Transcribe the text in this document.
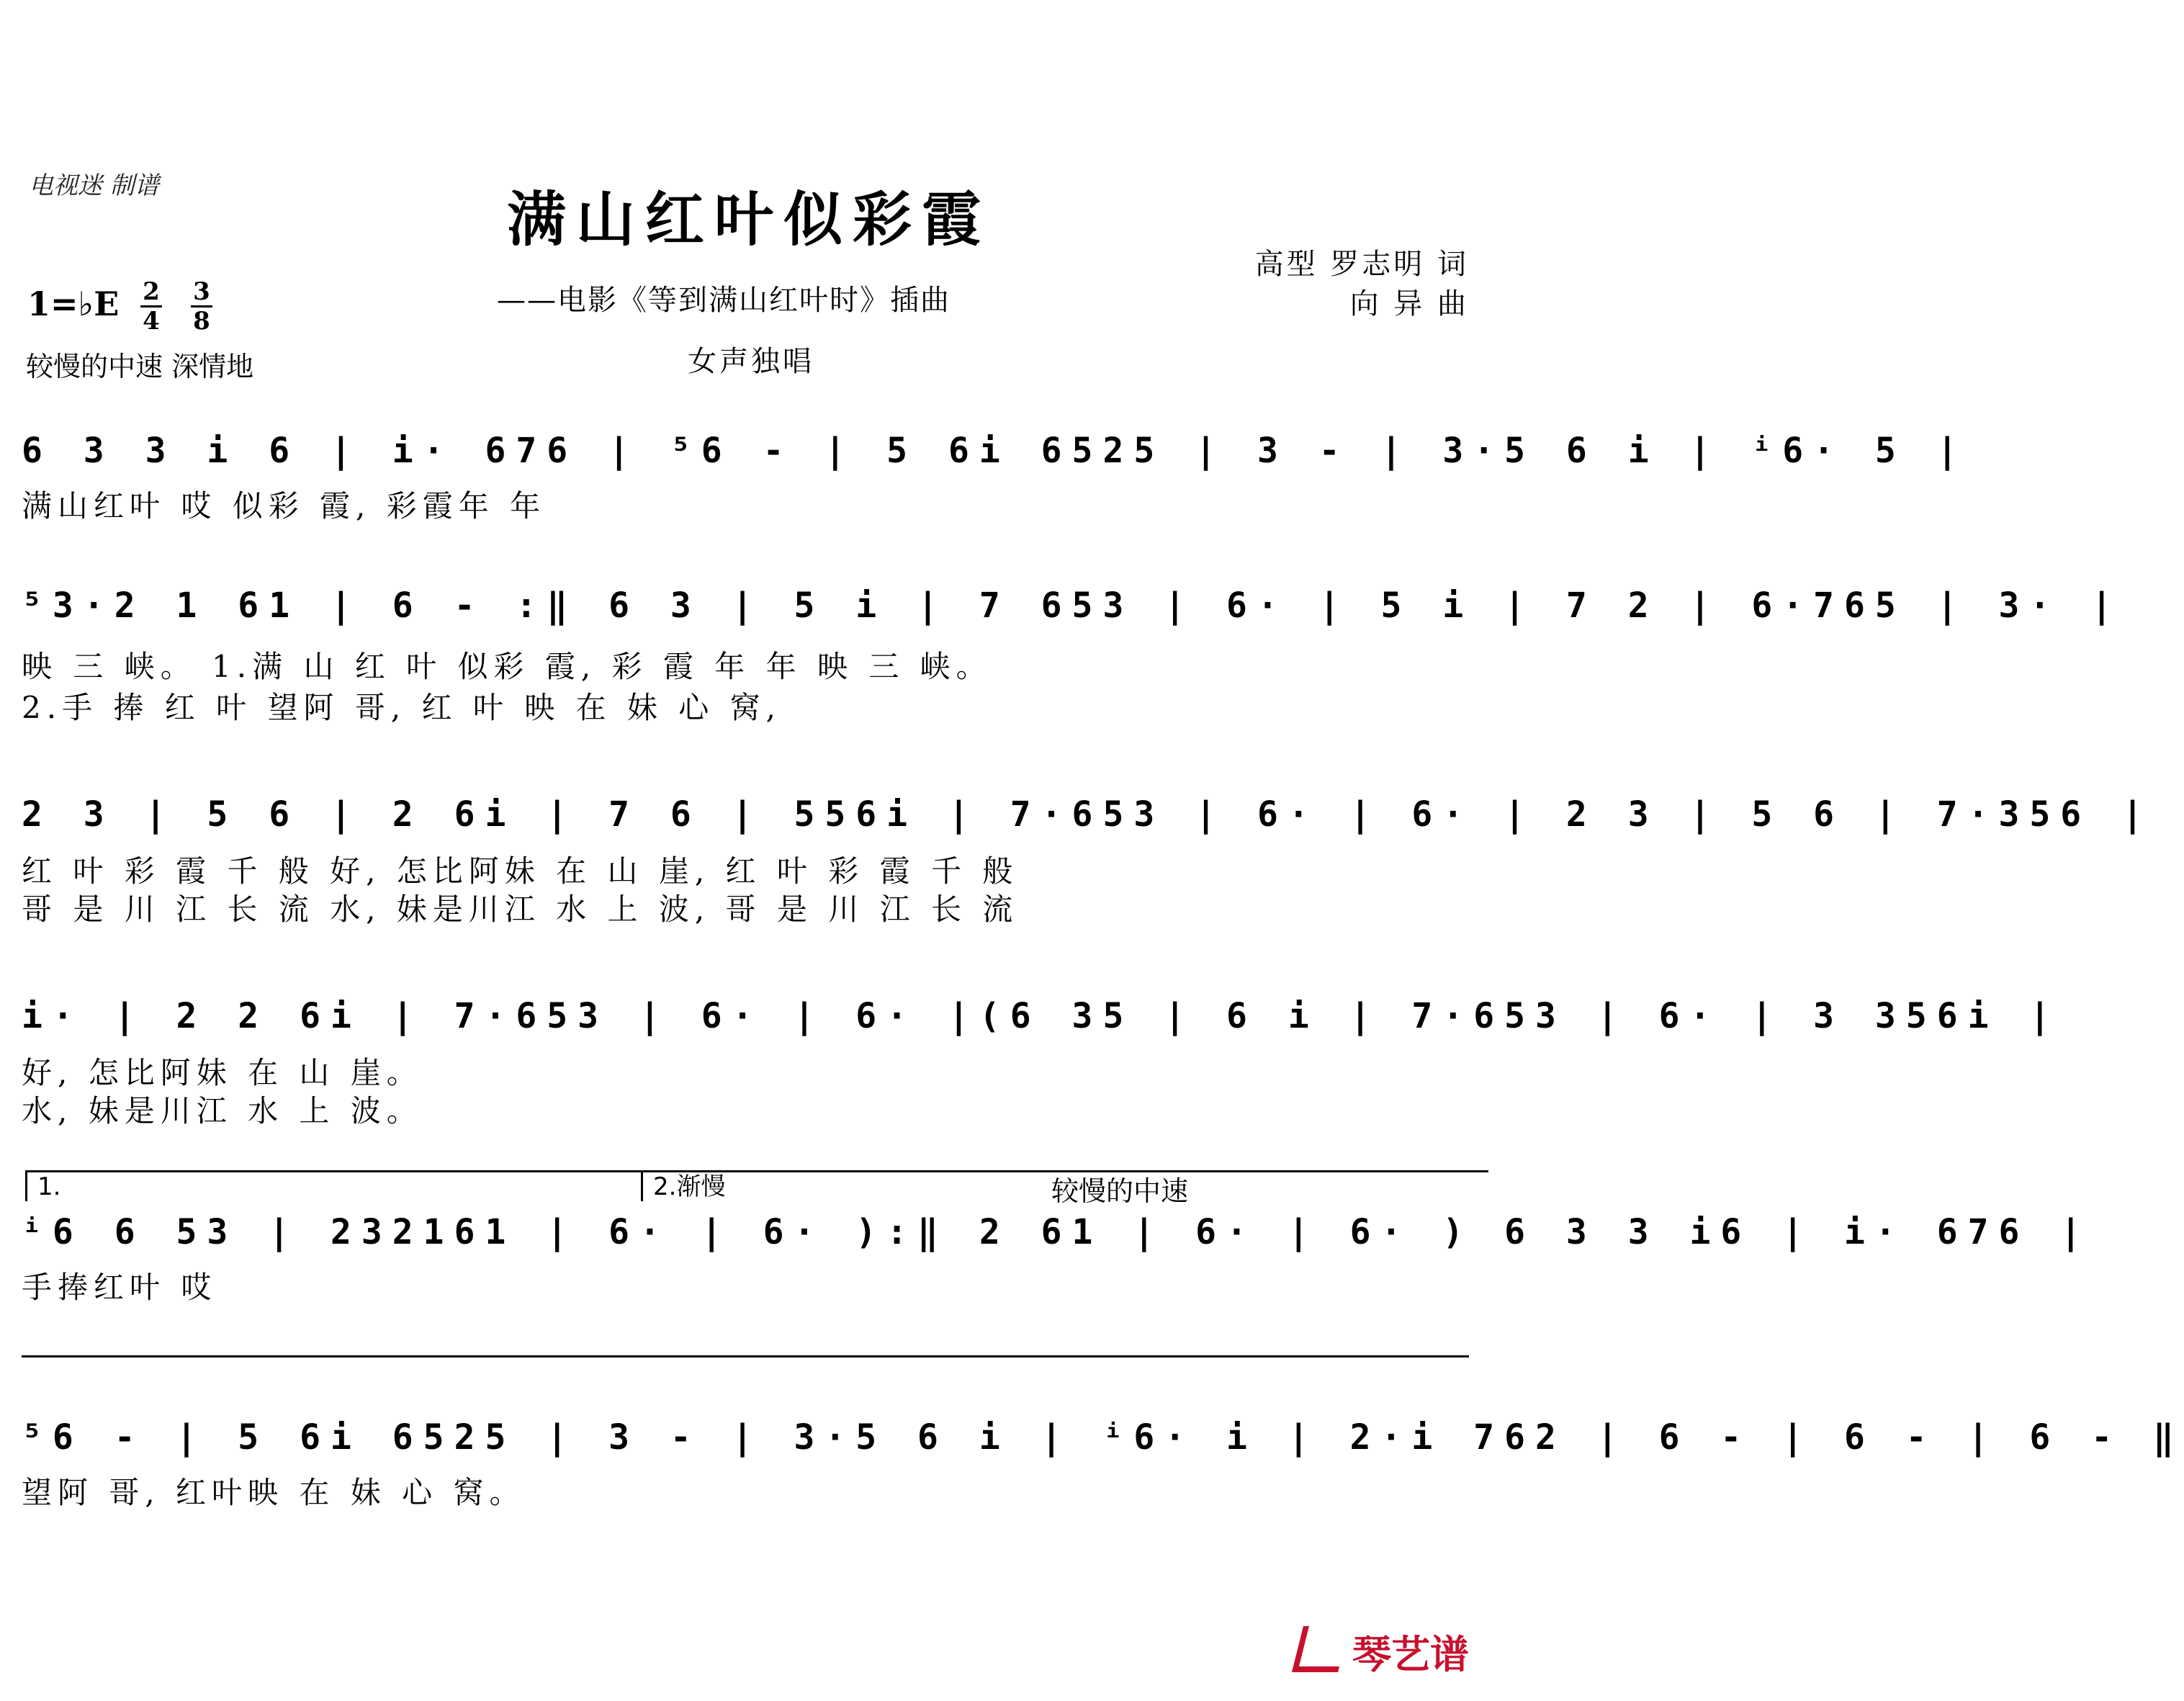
电视迷 制谱	满山红叶似彩霞
——电影《等到满山红叶时》插曲
女声独唱
高型 罗志明 词
向 异 曲
1=♭E 2
4
3
8
较慢的中速 深情地
6 3 3 i 6 | i· 676 | ⁵6 - | 5 6i 6525 | 3 - | 3·5 6 i | ⁱ6· 5 |
满山红叶 哎 似彩 霞, 彩霞年 年
⁵3·2 1 61 | 6 - :‖ 6 3 | 5 i | 7 653 | 6· | 5 i | 7 2 | 6·765 | 3· |
映 三 峡。 1.满 山 红 叶 似彩 霞, 彩 霞 年 年 映 三 峡。
2.手 捧 红 叶 望阿 哥, 红 叶 映 在 妹 心 窝,
2 3 | 5 6 | 2 6i | 7 6 | 556i | 7·653 | 6· | 6· | 2 3 | 5 6 | 7·356 |
红 叶 彩 霞 千 般 好, 怎比阿妹 在 山 崖, 红 叶 彩 霞 千 般
哥 是 川 江 长 流 水, 妹是川江 水 上 波, 哥 是 川 江 长 流
i· | 2 2 6i | 7·653 | 6· | 6· |(6 35 | 6 i | 7·653 | 6· | 3 356i |
好, 怎比阿妹 在 山 崖。
水, 妹是川江 水 上 波。
1.	2.渐慢	较慢的中速
ⁱ6 6 53 | 232161 | 6· | 6· ):‖ 2 61 | 6· | 6· ) 6 3 3 i6 | i· 676 |
手捧红叶 哎
⁵6 - | 5 6i 6525 | 3 - | 3·5 6 i | ⁱ6· i | 2·i 762 | 6 - | 6 - | 6 - ‖
望阿 哥, 红叶映 在 妹 心 窝。
琴艺谱
